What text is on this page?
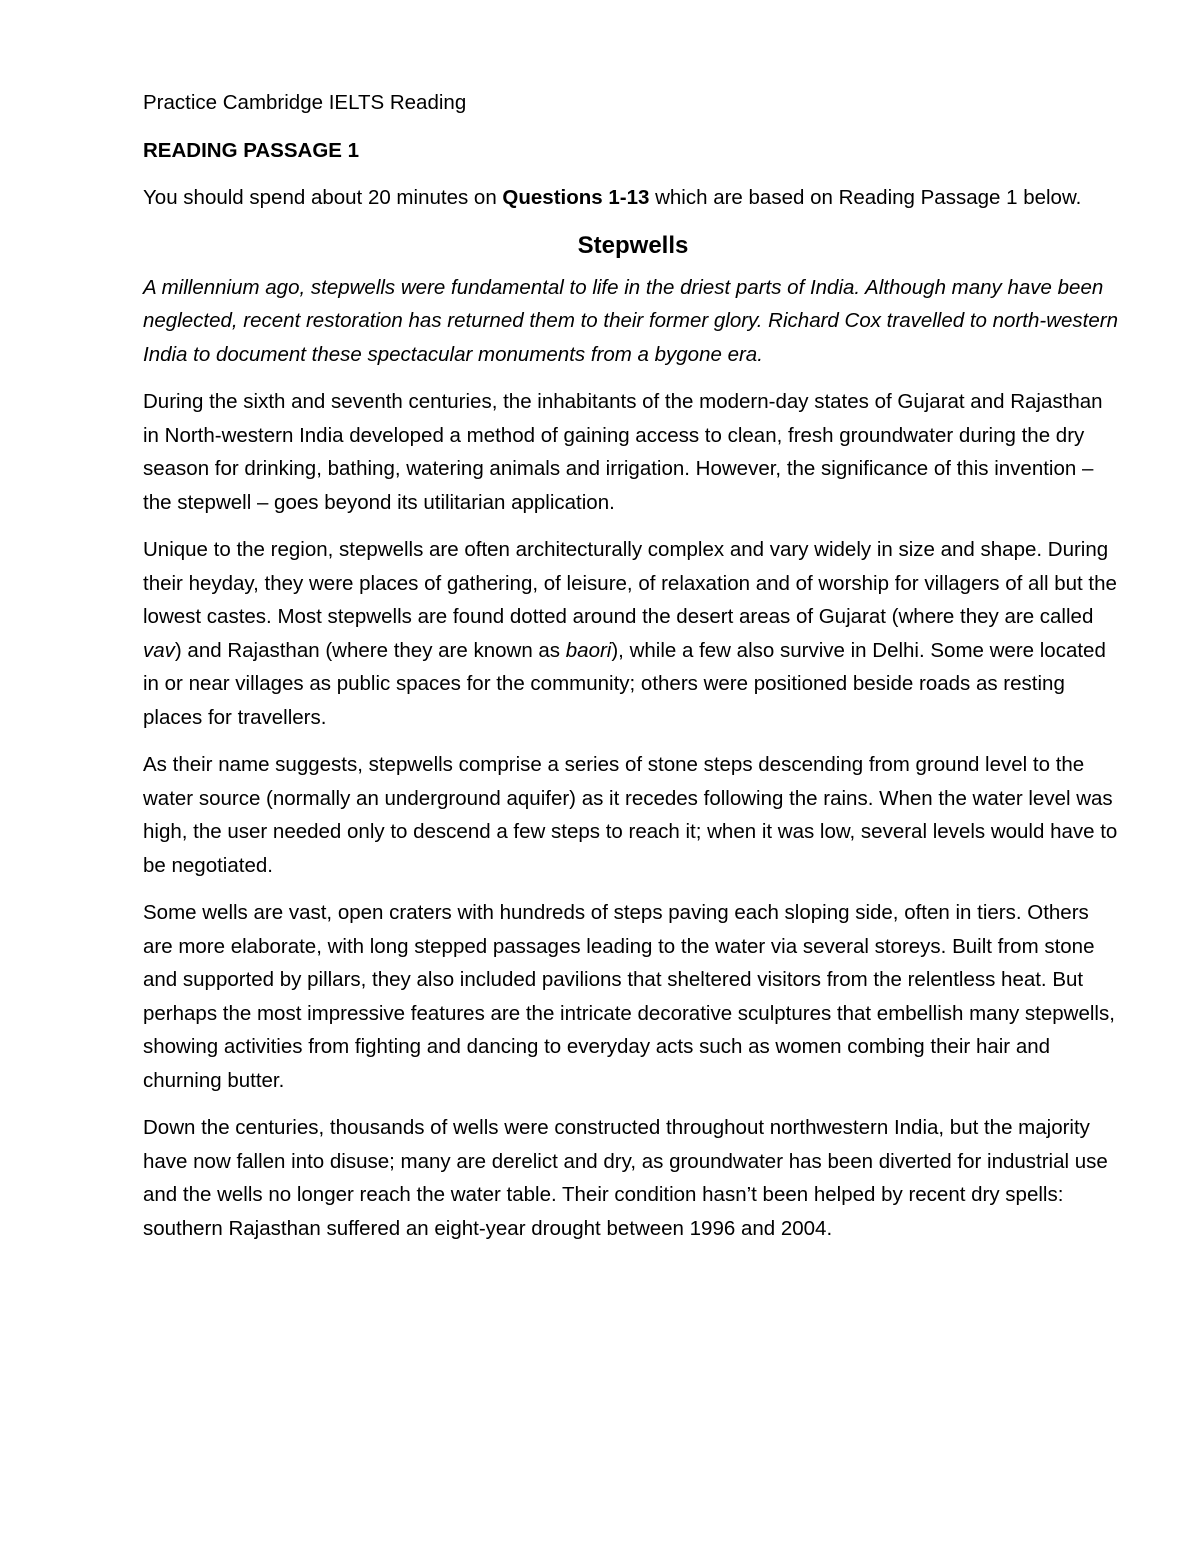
Practice Cambridge IELTS Reading

READING PASSAGE 1

You should spend about 20 minutes on Questions 1-13 which are based on Reading Passage 1 below.

Stepwells

A millennium ago, stepwells were fundamental to life in the driest parts of India. Although many have been neglected, recent restoration has returned them to their former glory. Richard Cox travelled to north-western India to document these spectacular monuments from a bygone era.

During the sixth and seventh centuries, the inhabitants of the modern-day states of Gujarat and Rajasthan in North-western India developed a method of gaining access to clean, fresh groundwater during the dry season for drinking, bathing, watering animals and irrigation. However, the significance of this invention – the stepwell – goes beyond its utilitarian application.

Unique to the region, stepwells are often architecturally complex and vary widely in size and shape. During their heyday, they were places of gathering, of leisure, of relaxation and of worship for villagers of all but the lowest castes. Most stepwells are found dotted around the desert areas of Gujarat (where they are called vav) and Rajasthan (where they are known as baori), while a few also survive in Delhi. Some were located in or near villages as public spaces for the community; others were positioned beside roads as resting places for travellers.

As their name suggests, stepwells comprise a series of stone steps descending from ground level to the water source (normally an underground aquifer) as it recedes following the rains. When the water level was high, the user needed only to descend a few steps to reach it; when it was low, several levels would have to be negotiated.

Some wells are vast, open craters with hundreds of steps paving each sloping side, often in tiers. Others are more elaborate, with long stepped passages leading to the water via several storeys. Built from stone and supported by pillars, they also included pavilions that sheltered visitors from the relentless heat. But perhaps the most impressive features are the intricate decorative sculptures that embellish many stepwells, showing activities from fighting and dancing to everyday acts such as women combing their hair and churning butter.

Down the centuries, thousands of wells were constructed throughout northwestern India, but the majority have now fallen into disuse; many are derelict and dry, as groundwater has been diverted for industrial use and the wells no longer reach the water table. Their condition hasn’t been helped by recent dry spells: southern Rajasthan suffered an eight-year drought between 1996 and 2004.
